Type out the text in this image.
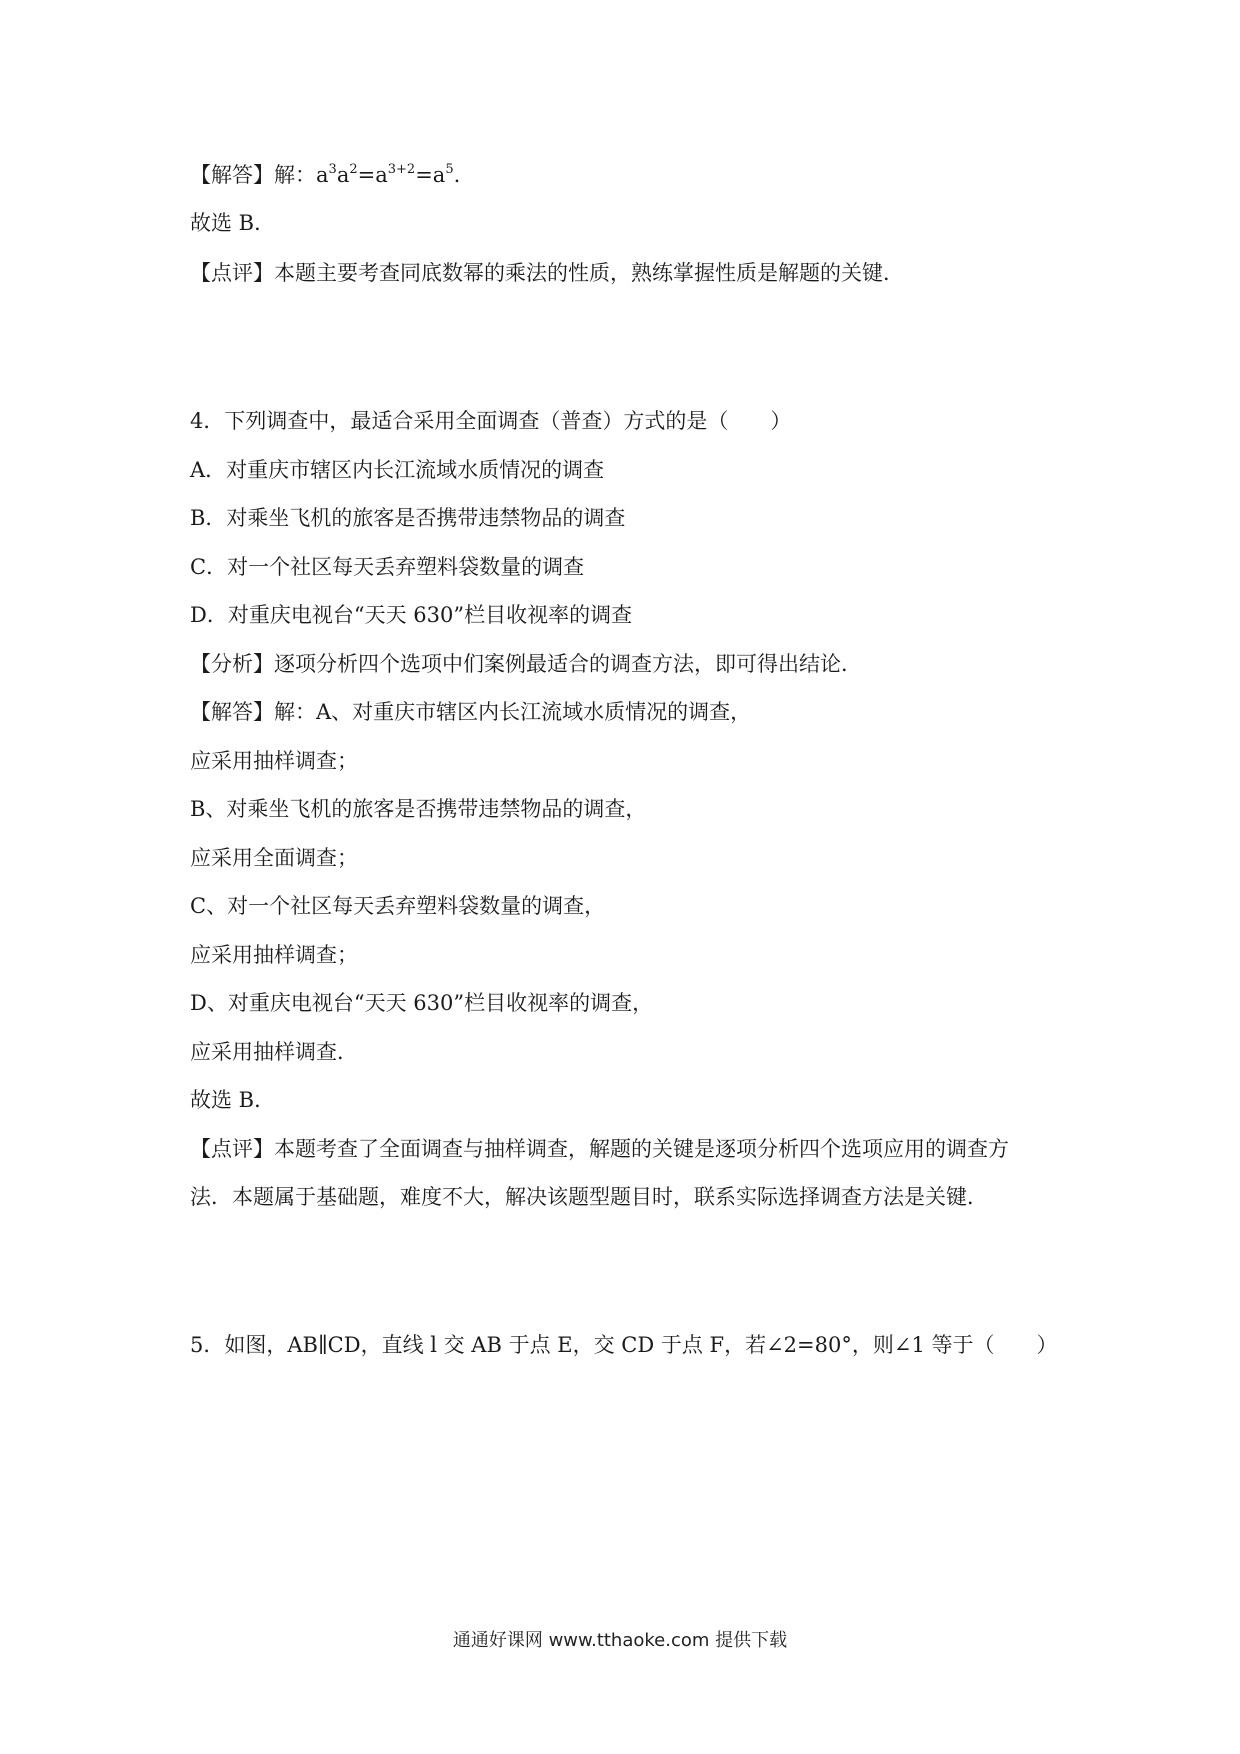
【解答】解：$a^3a^2=a^{3+2}=a^5$.
故选 B．
【点评】本题主要考查同底数幂的乘法的性质，熟练掌握性质是解题的关键．
4．下列调查中，最适合采用全面调查（普查）方式的是（　　）
A．对重庆市辖区内长江流域水质情况的调查
B．对乘坐飞机的旅客是否携带违禁物品的调查
C．对一个社区每天丢弃塑料袋数量的调查
D．对重庆电视台“天天 630”栏目收视率的调查
【分析】逐项分析四个选项中们案例最适合的调查方法，即可得出结论．
【解答】解：A、对重庆市辖区内长江流域水质情况的调查，
应采用抽样调查；
B、对乘坐飞机的旅客是否携带违禁物品的调查，
应采用全面调查；
C、对一个社区每天丢弃塑料袋数量的调查，
应采用抽样调查；
D、对重庆电视台“天天 630”栏目收视率的调查，
应采用抽样调查．
故选 B．
【点评】本题考查了全面调查与抽样调查，解题的关键是逐项分析四个选项应用的调查方
法．本题属于基础题，难度不大，解决该题型题目时，联系实际选择调查方法是关键．
5．如图，AB∥CD，直线 l 交 AB 于点 E，交 CD 于点 F，若∠2=80°，则∠1 等于（　　）
通通好课网 www.tthaoke.com 提供下载
